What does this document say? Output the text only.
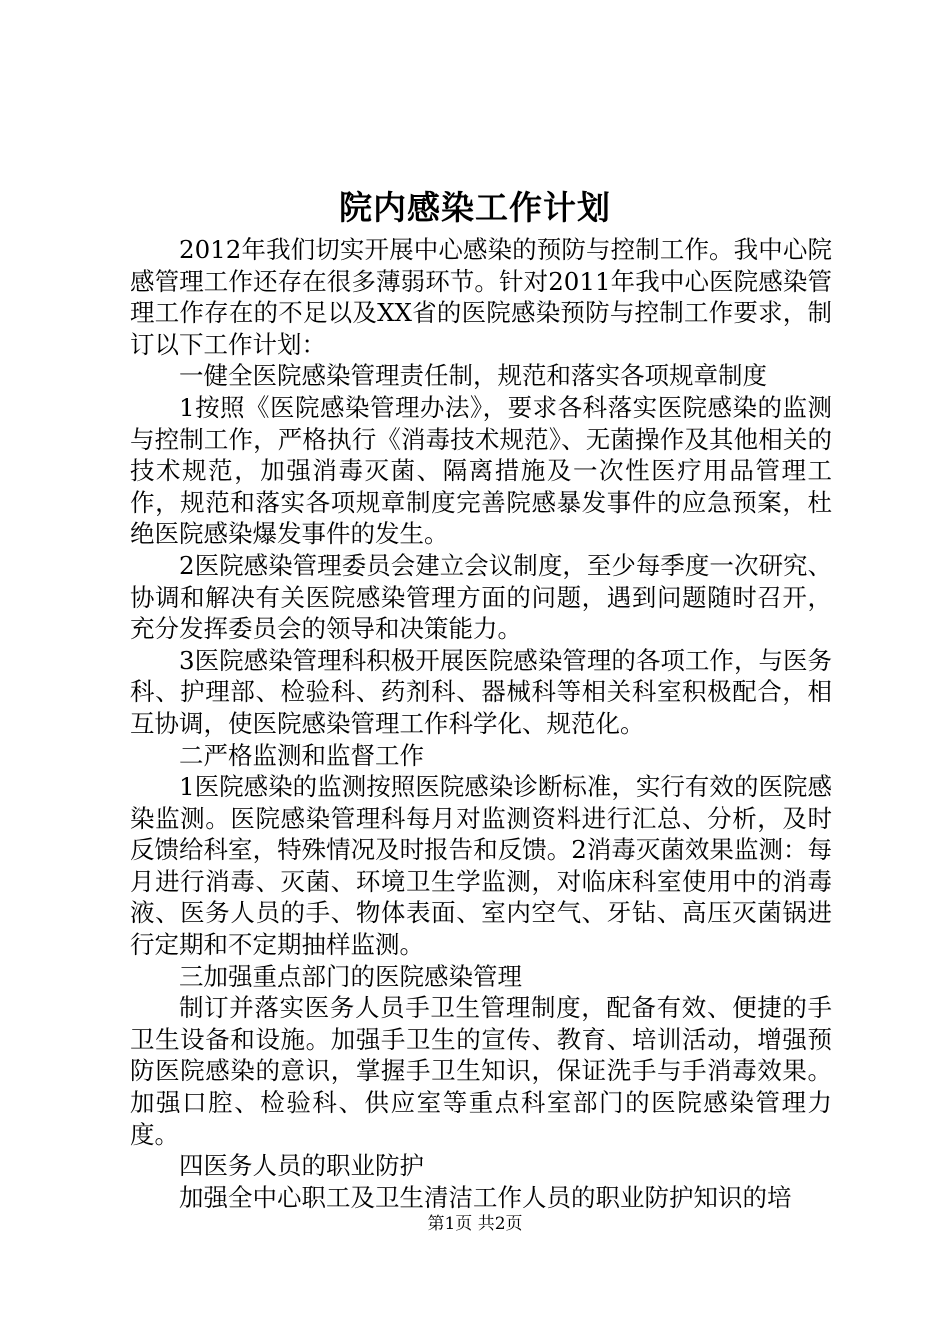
院内感染工作计划

2012年我们切实开展中心感染的预防与控制工作。我中心院感管理工作还存在很多薄弱环节。针对2011年我中心医院感染管理工作存在的不足以及XX省的医院感染预防与控制工作要求，制订以下工作计划：

一健全医院感染管理责任制，规范和落实各项规章制度

1按照《医院感染管理办法》，要求各科落实医院感染的监测与控制工作，严格执行《消毒技术规范》、无菌操作及其他相关的技术规范，加强消毒灭菌、隔离措施及一次性医疗用品管理工作，规范和落实各项规章制度完善院感暴发事件的应急预案，杜绝医院感染爆发事件的发生。

2医院感染管理委员会建立会议制度，至少每季度一次研究、协调和解决有关医院感染管理方面的问题，遇到问题随时召开，充分发挥委员会的领导和决策能力。

3医院感染管理科积极开展医院感染管理的各项工作，与医务科、护理部、检验科、药剂科、器械科等相关科室积极配合，相互协调，使医院感染管理工作科学化、规范化。

二严格监测和监督工作

1医院感染的监测按照医院感染诊断标准，实行有效的医院感染监测。医院感染管理科每月对监测资料进行汇总、分析，及时反馈给科室，特殊情况及时报告和反馈。2消毒灭菌效果监测：每月进行消毒、灭菌、环境卫生学监测，对临床科室使用中的消毒液、医务人员的手、物体表面、室内空气、牙钻、高压灭菌锅进行定期和不定期抽样监测。

三加强重点部门的医院感染管理

制订并落实医务人员手卫生管理制度，配备有效、便捷的手卫生设备和设施。加强手卫生的宣传、教育、培训活动，增强预防医院感染的意识，掌握手卫生知识，保证洗手与手消毒效果。加强口腔、检验科、供应室等重点科室部门的医院感染管理力度。

四医务人员的职业防护

加强全中心职工及卫生清洁工作人员的职业防护知识的培

第1页 共2页
